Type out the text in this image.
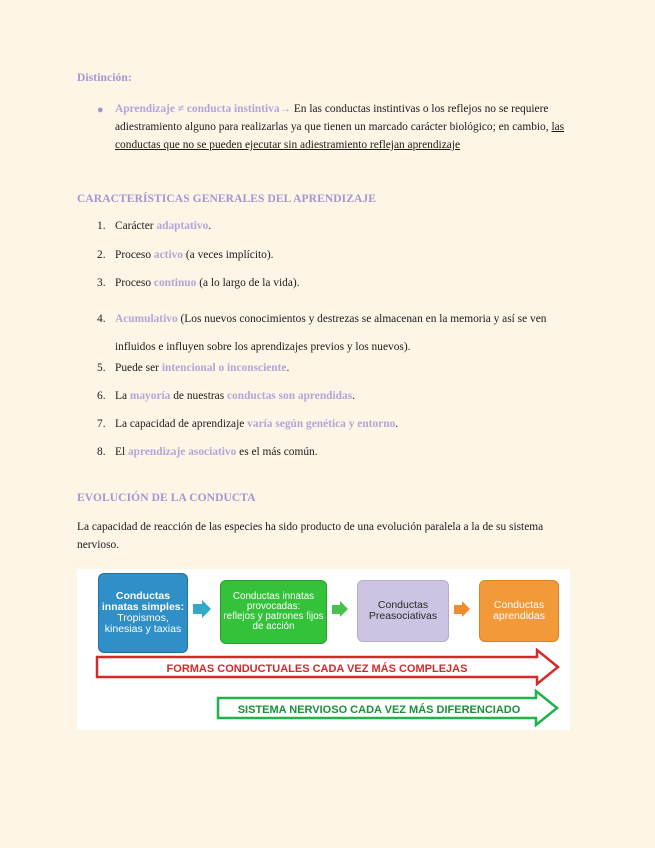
Distinción:
● Aprendizaje ≠ conducta instintiva→ En las conductas instintivas o los reflejos no se requiere adiestramiento alguno para realizarlas ya que tienen un marcado carácter biológico; en cambio, las conductas que no se pueden ejecutar sin adiestramiento reflejan aprendizaje
CARACTERÍSTICAS GENERALES DEL APRENDIZAJE
1. Carácter adaptativo.
2. Proceso activo (a veces implícito).
3. Proceso continuo (a lo largo de la vida).
4. Acumulativo (Los nuevos conocimientos y destrezas se almacenan en la memoria y así se ven influidos e influyen sobre los aprendizajes previos y los nuevos).
5. Puede ser intencional o inconsciente.
6. La mayoría de nuestras conductas son aprendidas.
7. La capacidad de aprendizaje varía según genética y entorno.
8. El aprendizaje asociativo es el más común.
EVOLUCIÓN DE LA CONDUCTA
La capacidad de reacción de las especies ha sido producto de una evolución paralela a la de su sistema nervioso.
Conductas innatas simples:
Tropismos, kinesias y taxias
Conductas innatas provocadas:
reflejos y patrones fijos de acción
Conductas Preasociativas
Conductas aprendidas
FORMAS CONDUCTUALES CADA VEZ MÁS COMPLEJAS
SISTEMA NERVIOSO CADA VEZ MÁS DIFERENCIADO
